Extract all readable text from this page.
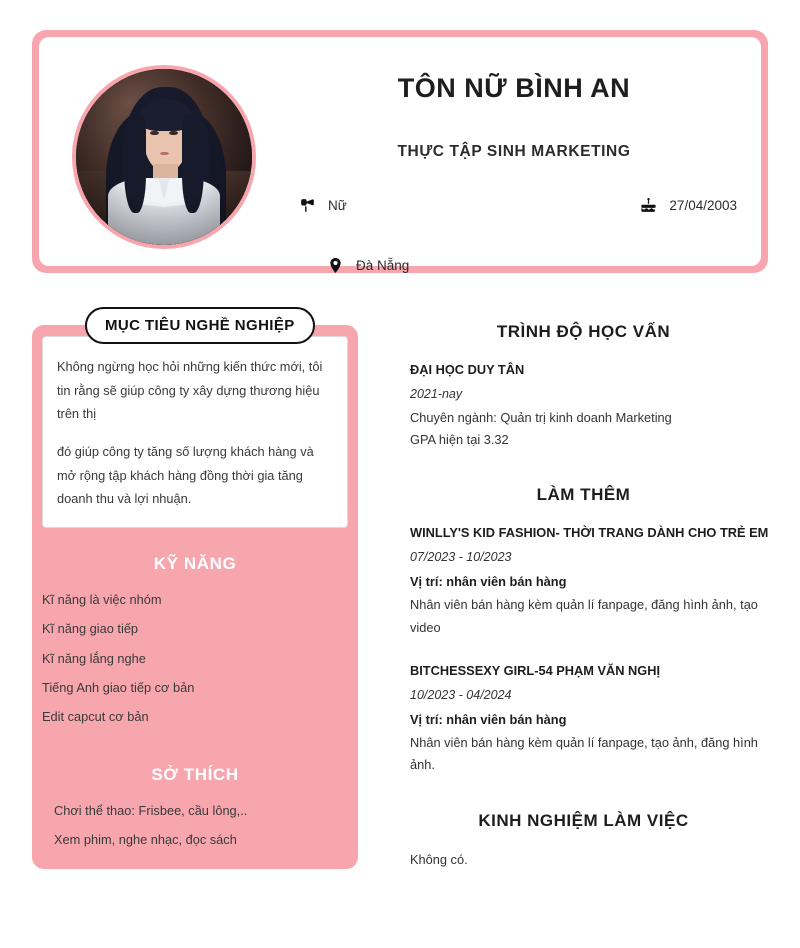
TÔN NỮ BÌNH AN
THỰC TẬP SINH MARKETING
Nữ	27/04/2003
Đà Nẵng
MỤC TIÊU NGHỀ NGHIỆP

Không ngừng học hỏi những kiến thức mới, tôi tin rằng sẽ giúp công ty xây dựng thương hiệu trên thị

đó giúp công ty tăng số lượng khách hàng và mở rộng tập khách hàng đồng thời gia tăng doanh thu và lợi nhuận.

KỸ NĂNG
Kĩ năng là việc nhóm
Kĩ năng giao tiếp
Kĩ năng lắng nghe
Tiếng Anh giao tiếp cơ bản
Edit capcut cơ bản
SỞ THÍCH
Chơi thể thao: Frisbee, cầu lông,..
Xem phim, nghe nhạc, đọc sách
TRÌNH ĐỘ HỌC VẤN
ĐẠI HỌC DUY TÂN
2021-nay
Chuyên ngành: Quản trị kinh doanh Marketing
GPA hiện tại 3.32
LÀM THÊM
WINLLY'S KID FASHION- THỜI TRANG DÀNH CHO TRẺ EM
07/2023 - 10/2023
Vị trí: nhân viên bán hàng
Nhân viên bán hàng kèm quản lí fanpage, đăng hình ảnh, tạo video
BITCHESSEXY GIRL-54 PHẠM VĂN NGHỊ
10/2023 - 04/2024
Vị trí: nhân viên bán hàng
Nhân viên bán hàng kèm quản lí fanpage, tạo ảnh, đăng hình ảnh.
KINH NGHIỆM LÀM VIỆC
Không có.
